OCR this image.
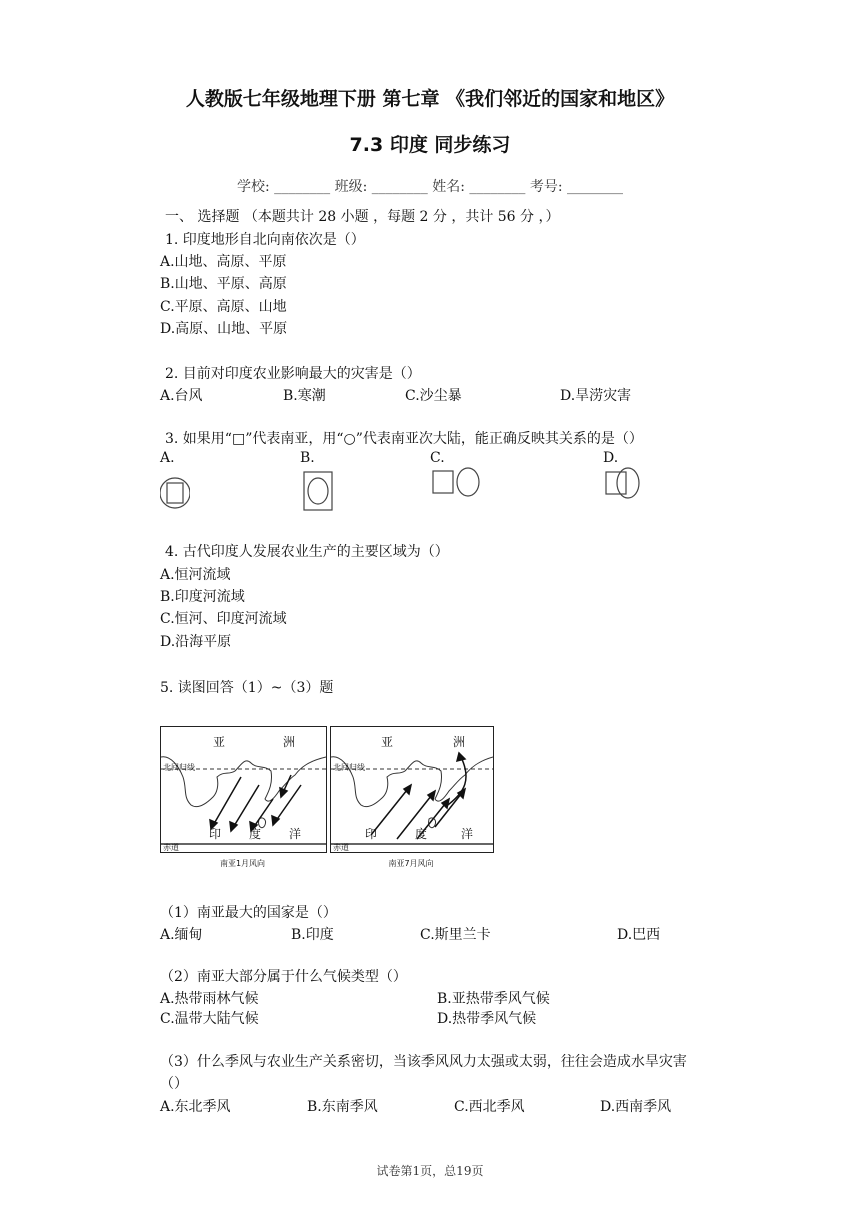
人教版七年级地理下册 第七章 《我们邻近的国家和地区》
7.3 印度 同步练习
学校: ________ 班级: ________ 姓名: ________ 考号: ________
一、 选择题 （本题共计 28 小题 ，每题 2 分 ，共计 56 分 ，）
1. 印度地形自北向南依次是（）
A.山地、高原、平原
B.山地、平原、高原
C.平原、高原、山地
D.高原、山地、平原
2. 目前对印度农业影响最大的灾害是（）
A.台风	B.寒潮	C.沙尘暴	D.旱涝灾害
3. 如果用“□”代表南亚，用“○”代表南亚次大陆，能正确反映其关系的是（）
A.	B.	C.	D.
4. 古代印度人发展农业生产的主要区域为（）
A.恒河流域
B.印度河流域
C.恒河、印度河流域
D.沿海平原
5. 读图回答（1）~（3）题
亚	洲
北回归线
印 度 洋
赤道
南亚1月风向
亚	洲
北回归线
印	度	洋
赤道
南亚7月风向
（1）南亚最大的国家是（）
A.缅甸	B.印度	C.斯里兰卡	D.巴西
（2）南亚大部分属于什么气候类型（）
A.热带雨林气候	B.亚热带季风气候
C.温带大陆气候	D.热带季风气候
（3）什么季风与农业生产关系密切，当该季风风力太强或太弱，往往会造成水旱灾害
（）
A.东北季风	B.东南季风	C.西北季风	D.西南季风
试卷第1页，总19页
